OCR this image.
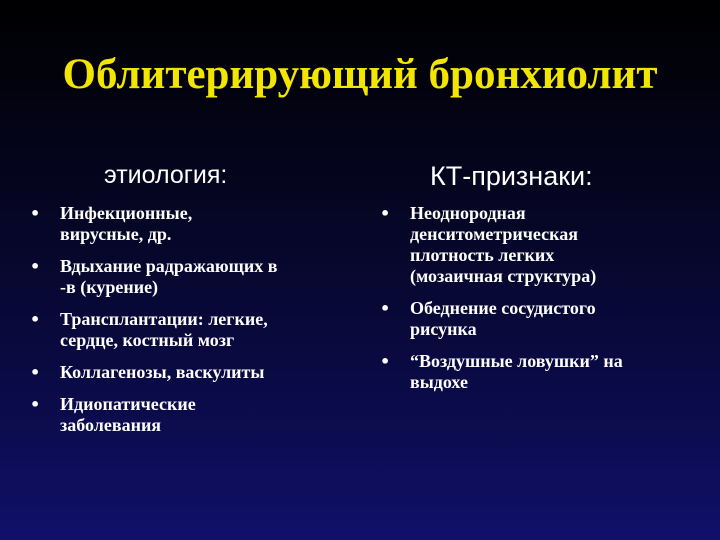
Облитерирующий бронхиолит
этиология:	КТ-признаки:
• Инфекционные,
вирусные, др.
• Вдыхание радражающих в
-в (курение)
• Трансплантации: легкие,
сердце, костный мозг
• Коллагенозы, васкулиты
• Идиопатические
заболевания
• Неоднородная
денситометрическая
плотность легких
(мозаичная структура)
• Обеднение сосудистого
рисунка
• “Воздушные ловушки” на
выдохе
